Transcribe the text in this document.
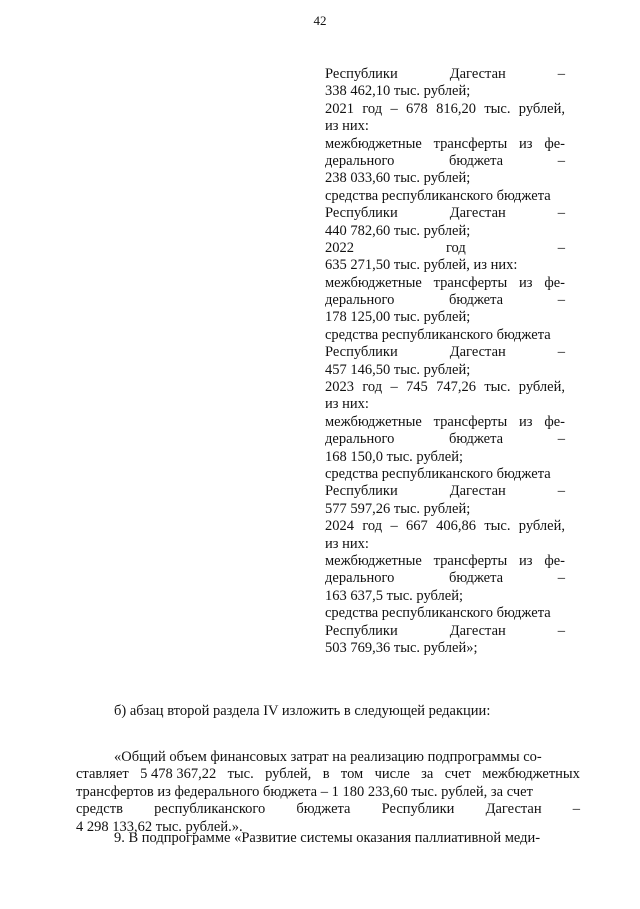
42
Республики	Дагестан	–
338 462,10 тыс. рублей;
2021 год – 678 816,20 тыс. рублей,
из них:
межбюджетные трансферты из фе-
дерального	бюджета	–
238 033,60 тыс. рублей;
средства республиканского бюджета
Республики	Дагестан	–
440 782,60 тыс. рублей;
2022	год	–
635 271,50 тыс. рублей, из них:
межбюджетные трансферты из фе-
дерального	бюджета	–
178 125,00 тыс. рублей;
средства республиканского бюджета
Республики	Дагестан	–
457 146,50 тыс. рублей;
2023 год – 745 747,26 тыс. рублей,
из них:
межбюджетные трансферты из фе-
дерального	бюджета	–
168 150,0 тыс. рублей;
средства республиканского бюджета
Республики	Дагестан	–
577 597,26 тыс. рублей;
2024 год – 667 406,86 тыс. рублей,
из них:
межбюджетные трансферты из фе-
дерального	бюджета	–
163 637,5 тыс. рублей;
средства республиканского бюджета
Республики	Дагестан	–
503 769,36 тыс. рублей»;
б) абзац второй раздела IV изложить в следующей редакции:
«Общий объем финансовых затрат на реализацию подпрограммы со-
ставляет 5 478 367,22 тыс. рублей, в том числе за счет межбюджетных
трансфертов из федерального бюджета – 1 180 233,60 тыс. рублей, за счет
средств республиканского бюджета Республики Дагестан –
4 298 133,62 тыс. рублей.».
9. В подпрограмме «Развитие системы оказания паллиативной меди-
